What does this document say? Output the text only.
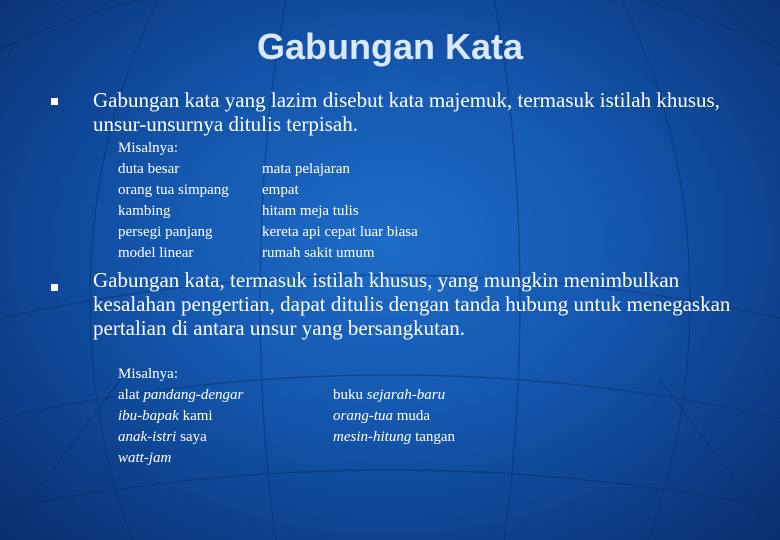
Gabungan Kata
Gabungan kata yang lazim disebut kata majemuk, termasuk istilah khusus, unsur-unsurnya ditulis terpisah.
Misalnya:
duta besar
orang tua simpang
kambing
persegi panjang
model linear
mata pelajaran
empat
hitam meja tulis
kereta api cepat luar biasa
rumah sakit umum
Gabungan kata, termasuk istilah khusus, yang mungkin menimbulkan kesalahan pengertian, dapat ditulis dengan tanda hubung untuk menegaskan pertalian di antara unsur yang bersangkutan.
Misalnya:
alat pandang-dengar
ibu-bapak kami
anak-istri saya
watt-jam
buku sejarah-baru
orang-tua muda
mesin-hitung tangan
